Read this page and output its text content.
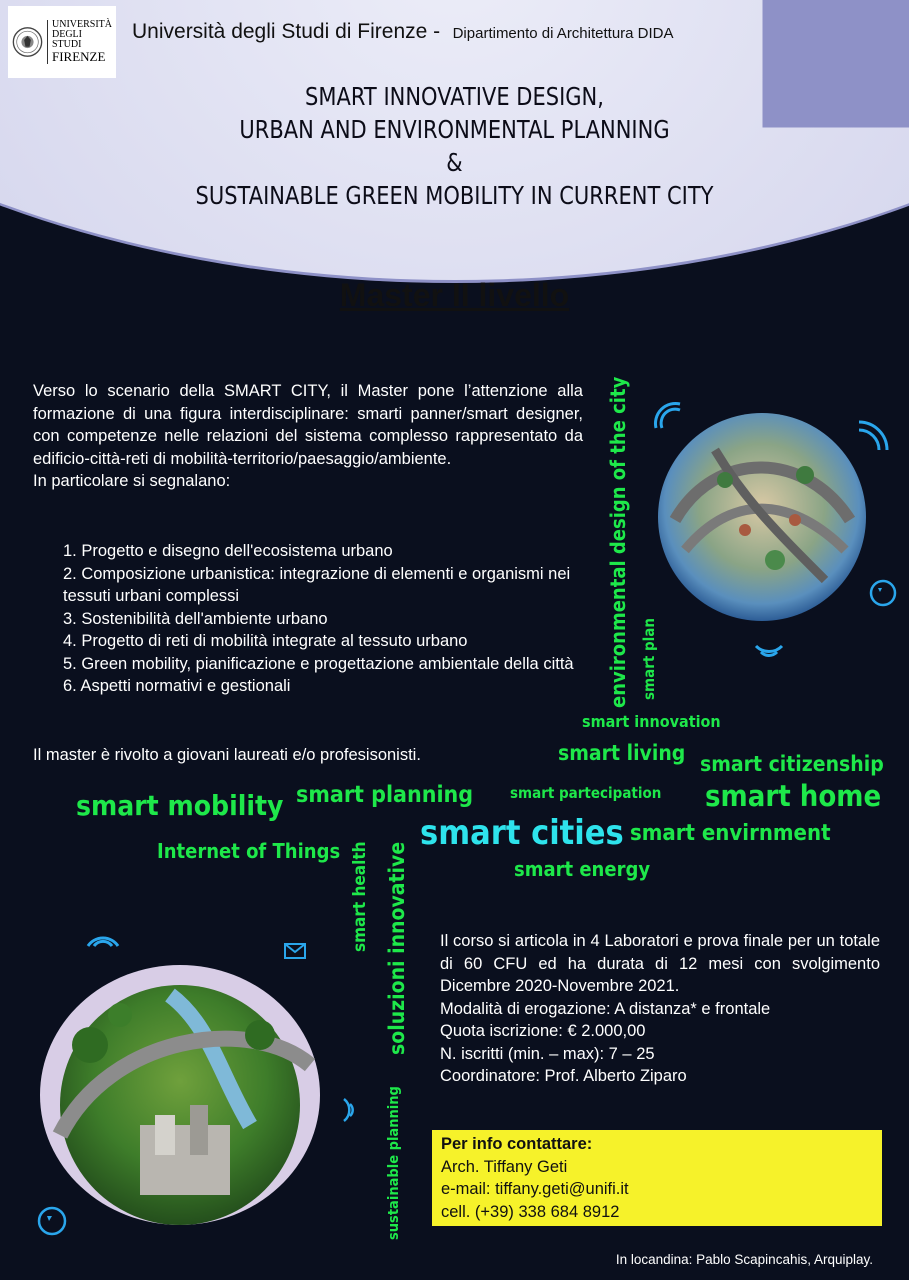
UNIVERSITÀ
DEGLI STUDI
FIRENZE
Università degli Studi di Firenze - Dipartimento di Architettura DIDA
SMART INNOVATIVE DESIGN,
URBAN AND ENVIRONMENTAL PLANNING
&
SUSTAINABLE GREEN MOBILITY IN CURRENT CITY
Master II livello
Verso lo scenario della SMART CITY, il Master pone l’attenzione alla formazione di una figura interdisciplinare: smarti panner/smart designer, con competenze nelle relazioni del sistema complesso rappresentato da edificio-città-reti di mobilità-territorio/paesaggio/ambiente.
In particolare si segnalano:
1. Progetto e disegno dell'ecosistema urbano
2. Composizione urbanistica: integrazione di elementi e organismi nei tessuti urbani complessi
3. Sostenibilità dell'ambiente urbano
4. Progetto di reti di mobilità integrate al tessuto urbano
5. Green mobility, pianificazione e progettazione ambientale della città
6. Aspetti normativi e gestionali
Il master è rivolto a giovani laureati e/o profesisonisti.
environmental design of the city smart plan
smart health soluzioni innovative
sustainable planning
smart innovation
smart living smart citizenship
smart mobility smart planning smart partecipation smart home
Internet of Things smart cities smart envirnment
smart energy
Il corso si articola in 4 Laboratori e prova finale per un totale di 60 CFU ed ha durata di 12 mesi con svolgimento Dicembre 2020-Novembre 2021.
Modalità di erogazione: A distanza* e frontale
Quota iscrizione: € 2.000,00
N. iscritti (min. – max): 7 – 25
Coordinatore: Prof. Alberto Ziparo
Per info contattare:
Arch. Tiffany Geti
e-mail: tiffany.geti@unifi.it
cell. (+39) 338 684 8912
In locandina: Pablo Scapincahis, Arquiplay.
